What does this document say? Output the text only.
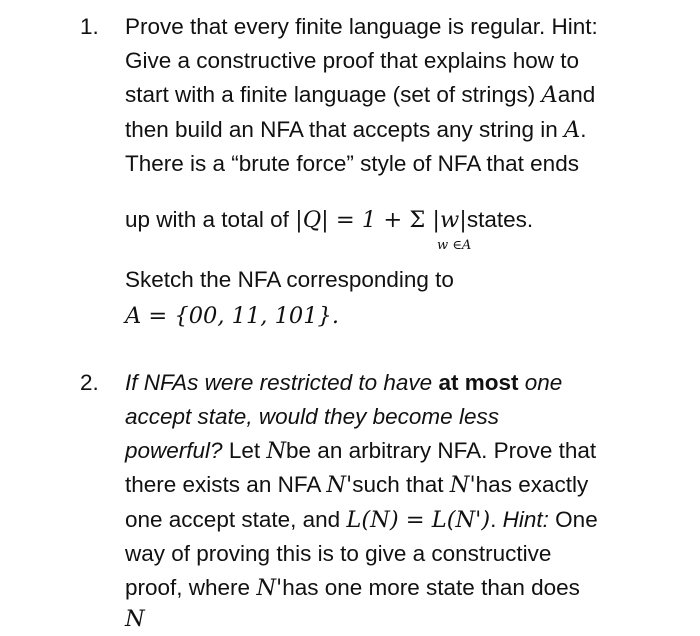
1. Prove that every finite language is regular. Hint:
Give a constructive proof that explains how to
start with a finite language (set of strings) Aand
then build an NFA that accepts any string in A.
There is a “brute force” style of NFA that ends
up with a total of |Q| = 1 + Σ |w|states.
w ∈A
Sketch the NFA corresponding to
A = {00, 11, 101}.
2. If NFAs were restricted to have at most one
accept state, would they become less
powerful? Let Nbe an arbitrary NFA. Prove that
there exists an NFA N'such that N'has exactly
one accept state, and L(N) = L(N'). Hint: One
way of proving this is to give a constructive
proof, where N'has one more state than does
N
